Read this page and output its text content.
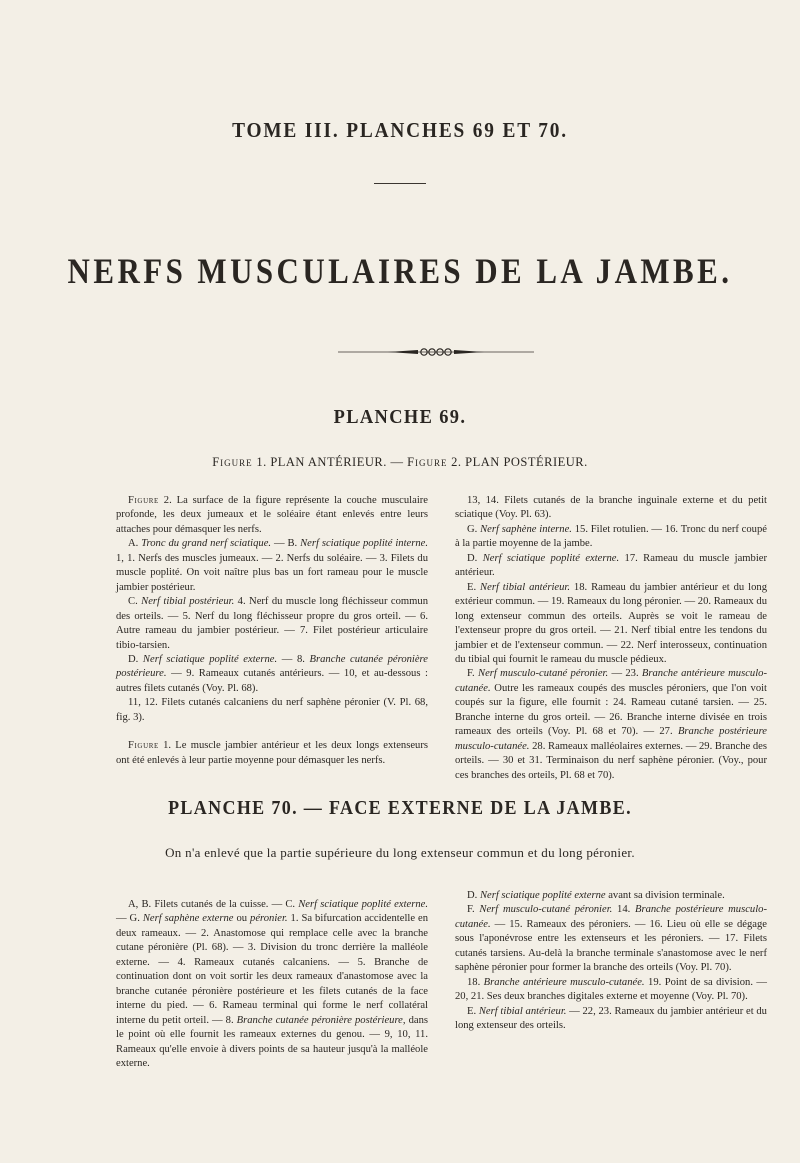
TOME III. PLANCHES 69 ET 70.
NERFS MUSCULAIRES DE LA JAMBE.
PLANCHE 69.
Figure 1. PLAN ANTÉRIEUR. — Figure 2. PLAN POSTÉRIEUR.

Figure 2. La surface de la figure représente la couche musculaire profonde, les deux jumeaux et le soléaire étant enlevés entre leurs attaches pour démasquer les nerfs.

A. Tronc du grand nerf sciatique. — B. Nerf sciatique poplité interne. 1, 1. Nerfs des muscles jumeaux. — 2. Nerfs du soléaire. — 3. Filets du muscle poplité. On voit naître plus bas un fort rameau pour le muscle jambier postérieur.

C. Nerf tibial postérieur. 4. Nerf du muscle long fléchisseur commun des orteils. — 5. Nerf du long fléchisseur propre du gros orteil. — 6. Autre rameau du jambier postérieur. — 7. Filet postérieur articulaire tibio-tarsien.

D. Nerf sciatique poplité externe. — 8. Branche cutanée péronière postérieure. — 9. Rameaux cutanés antérieurs. — 10, et au-dessous : autres filets cutanés (Voy. Pl. 68).

11, 12. Filets cutanés calcaniens du nerf saphène péronier (V. Pl. 68, fig. 3).

Figure 1. Le muscle jambier antérieur et les deux longs extenseurs ont été enlevés à leur partie moyenne pour démasquer les nerfs.

13, 14. Filets cutanés de la branche inguinale externe et du petit sciatique (Voy. Pl. 63).

G. Nerf saphène interne. 15. Filet rotulien. — 16. Tronc du nerf coupé à la partie moyenne de la jambe.

D. Nerf sciatique poplité externe. 17. Rameau du muscle jambier antérieur.

E. Nerf tibial antérieur. 18. Rameau du jambier antérieur et du long extérieur commun. — 19. Rameaux du long péronier. — 20. Rameaux du long extenseur commun des orteils. Auprès se voit le rameau de l'extenseur propre du gros orteil. — 21. Nerf tibial entre les tendons du jambier et de l'extenseur commun. — 22. Nerf interosseux, continuation du tibial qui fournit le rameau du muscle pédieux.

F. Nerf musculo-cutané péronier. — 23. Branche antérieure musculo-cutanée. Outre les rameaux coupés des muscles péroniers, que l'on voit coupés sur la figure, elle fournit : 24. Rameau cutané tarsien. — 25. Branche interne du gros orteil. — 26. Branche interne divisée en trois rameaux des orteils (Voy. Pl. 68 et 70). — 27. Branche postérieure musculo-cutanée. 28. Rameaux malléolaires externes. — 29. Branche des orteils. — 30 et 31. Terminaison du nerf saphène péronier. (Voy., pour ces branches des orteils, Pl. 68 et 70).

PLANCHE 70. — FACE EXTERNE DE LA JAMBE.
On n'a enlevé que la partie supérieure du long extenseur commun et du long péronier.

A, B. Filets cutanés de la cuisse. — C. Nerf sciatique poplité externe. — G. Nerf saphène externe ou péronier. 1. Sa bifurcation accidentelle en deux rameaux. — 2. Anastomose qui remplace celle avec la branche cutane péronière (Pl. 68). — 3. Division du tronc derrière la malléole externe. — 4. Rameaux cutanés calcaniens. — 5. Branche de continuation dont on voit sortir les deux rameaux d'anastomose avec la branche cutanée péronière postérieure et les filets cutanés de la face interne du pied. — 6. Rameau terminal qui forme le nerf collatéral interne du petit orteil. — 8. Branche cutanée péronière postérieure, dans le point où elle fournit les rameaux externes du genou. — 9, 10, 11. Rameaux qu'elle envoie à divers points de sa hauteur jusqu'à la malléole externe.

D. Nerf sciatique poplité externe avant sa division terminale.

F. Nerf musculo-cutané péronier. 14. Branche postérieure musculo-cutanée. — 15. Rameaux des péroniers. — 16. Lieu où elle se dégage sous l'aponévrose entre les extenseurs et les péroniers. — 17. Filets cutanés tarsiens. Au-delà la branche terminale s'anastomose avec le nerf saphène péronier pour former la branche des orteils (Voy. Pl. 70).

18. Branche antérieure musculo-cutanée. 19. Point de sa division. — 20, 21. Ses deux branches digitales externe et moyenne (Voy. Pl. 70).

E. Nerf tibial antérieur. — 22, 23. Rameaux du jambier antérieur et du long extenseur des orteils.
